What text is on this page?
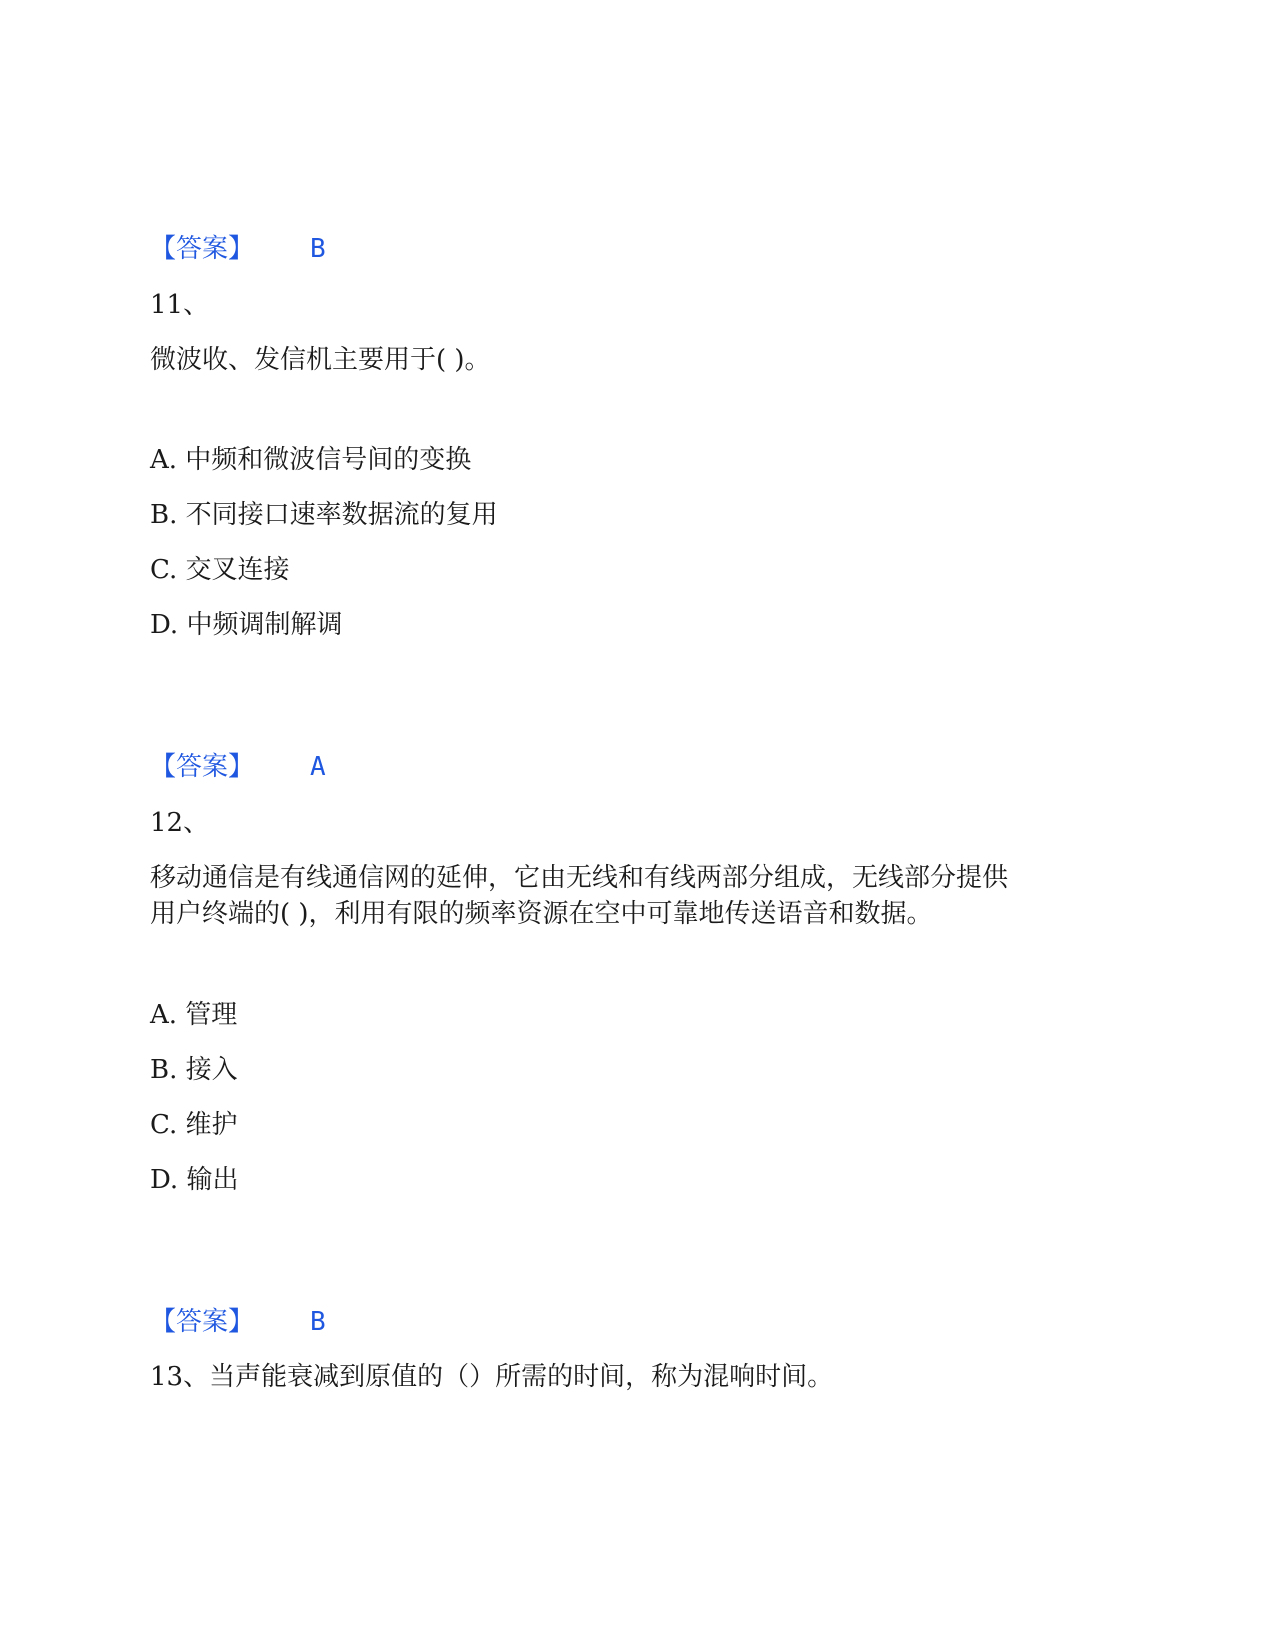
【答案】 B
11、
微波收、发信机主要用于( )。
A. 中频和微波信号间的变换
B. 不同接口速率数据流的复用
C. 交叉连接
D. 中频调制解调
【答案】 A
12、
移动通信是有线通信网的延伸，它由无线和有线两部分组成，无线部分提供
用户终端的( )，利用有限的频率资源在空中可靠地传送语音和数据。
A. 管理
B. 接入
C. 维护
D. 输出
【答案】 B
13、当声能衰减到原值的（）所需的时间，称为混响时间。
